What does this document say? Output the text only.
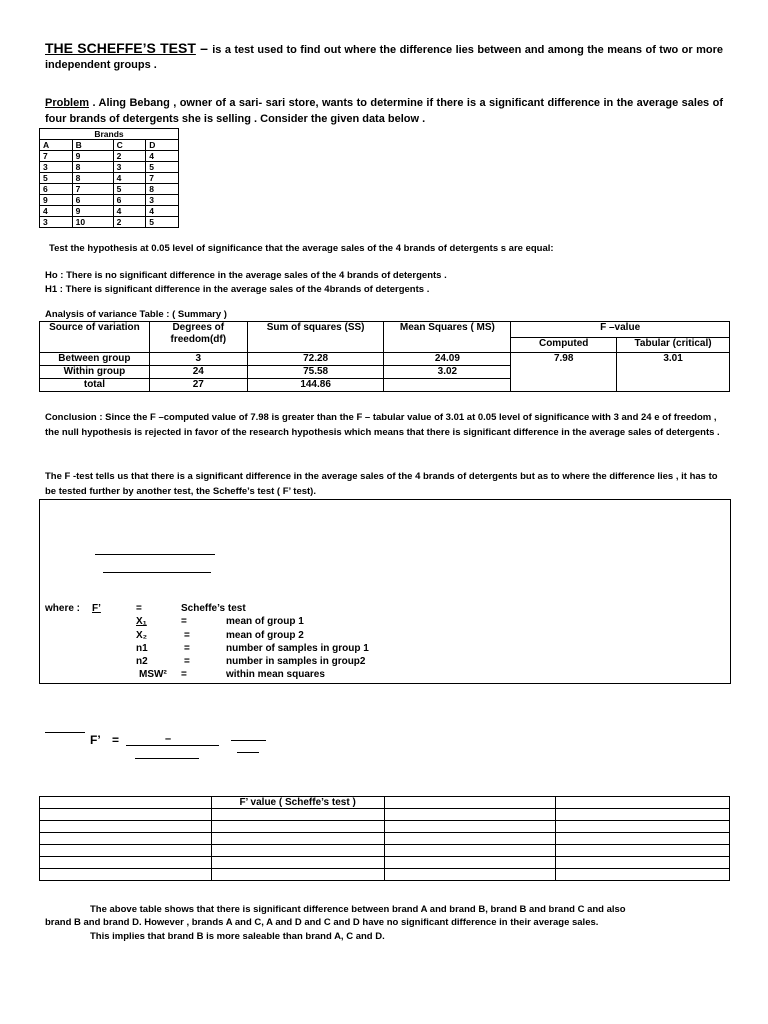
THE SCHEFFE’S TEST – is a test used to find out where the difference lies between and among the means of two or more independent groups .
Problem . Aling Bebang , owner of a sari- sari store, wants to determine if there is a significant difference in the average sales of four brands of detergents she is selling . Consider the given data below .
Brands			
A	B	C	D
7	9	2	4
3	8	3	5
5	8	4	7
6	7	5	8
9	6	6	3
4	9	4	4
3	10	2	5
Test the hypothesis at 0.05 level of significance that the average sales of the 4 brands of detergents s are equal:
Ho : There is no significant difference in the average sales of the 4 brands of detergents .
H1 : There is significant difference in the average sales of the 4brands of detergents .
Analysis of variance Table : ( Summary )
Source of variation	Degrees of freedom(df)	Sum of squares (SS)	Mean Squares ( MS)	F –value	
				Computed	Tabular (critical)
Between group	3	72.28	24.09	7.98	3.01
Within group	24	75.58	3.02		
total	27	144.86			
Conclusion : Since the F –computed value of 7.98 is greater than the F – tabular value of 3.01 at 0.05 level of significance with 3 and 24 e of freedom , the null hypothesis is rejected in favor of the research hypothesis which means that there is significant difference in the average sales of detergents .
The F -test tells us that there is a significant difference in the average sales of the 4 brands of detergents but as to where the difference lies , it has to be tested further by another test, the Scheffe’s test ( F’ test).
where : F’	=	Scheffe’s test
X₁	=	mean of group 1
X₂	=	mean of group 2
n1	=	number of samples in group 1
n2	=	number in samples in group2
MSW² =	within mean squares
F’ =	–
	F’ value ( Scheffe’s test )		

The above table shows that there is significant difference between brand A and brand B, brand B and brand C and also
brand B and brand D. However , brands A and C, A and D and C and D have no significant difference in their average sales.
This implies that brand B is more saleable than brand A, C and D.
